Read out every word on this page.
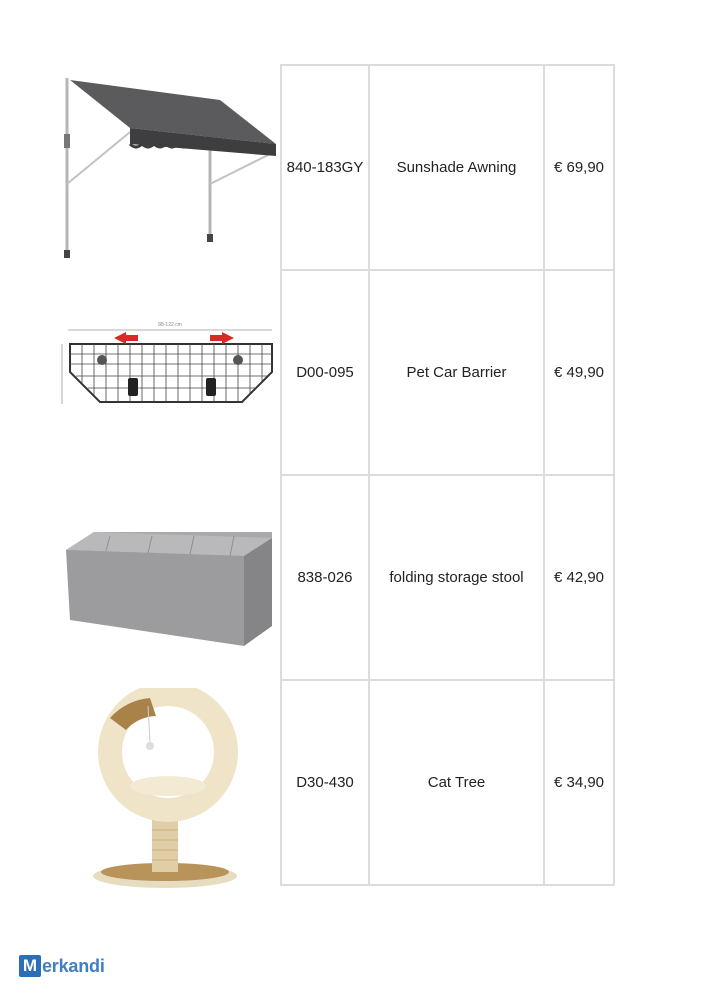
88-122 cm
840-183GY	Sunshade Awning	€ 69,90
D00-095	Pet Car Barrier	€ 49,90
838-026	folding storage stool	€ 42,90
D30-430	Cat Tree	€ 34,90
M erkandi
